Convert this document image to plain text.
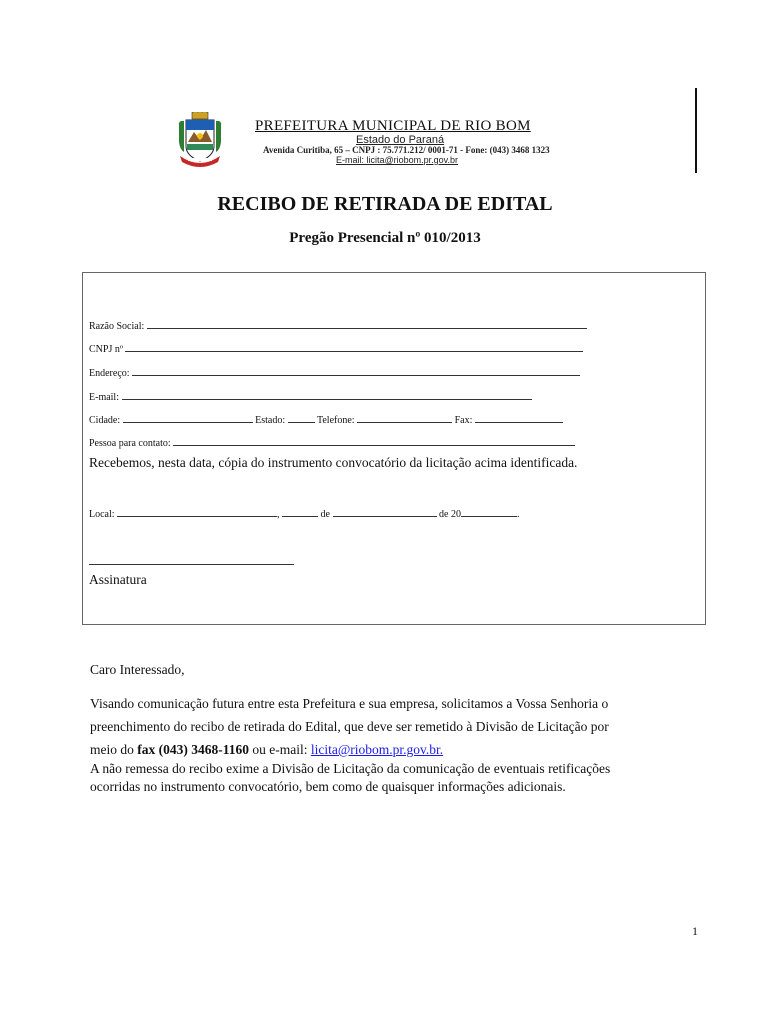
PREFEITURA MUNICIPAL DE RIO BOM
Estado do Paraná
Avenida Curitiba, 65 – CNPJ : 75.771.212/ 0001-71 - Fone: (043) 3468 1323
E-mail: licita@riobom.pr.gov.br
RECIBO DE RETIRADA DE EDITAL
Pregão Presencial nº 010/2013
Razão Social:
CNPJ nº
Endereço:
E-mail:
Cidade:	Estado:	Telefone:	Fax:
Pessoa para contato:
Recebemos, nesta data, cópia do instrumento convocatório da licitação acima identificada.
Local:	,	de	de 20	.
Assinatura
Caro Interessado,
Visando comunicação futura entre esta Prefeitura e sua empresa, solicitamos a Vossa Senhoria o
preenchimento do recibo de retirada do Edital, que deve ser remetido à Divisão de Licitação por
meio do fax (043) 3468-1160 ou e-mail: licita@riobom.pr.gov.br.
A não remessa do recibo exime a Divisão de Licitação da comunicação de eventuais retificações
ocorridas no instrumento convocatório, bem como de quaisquer informações adicionais.
1
